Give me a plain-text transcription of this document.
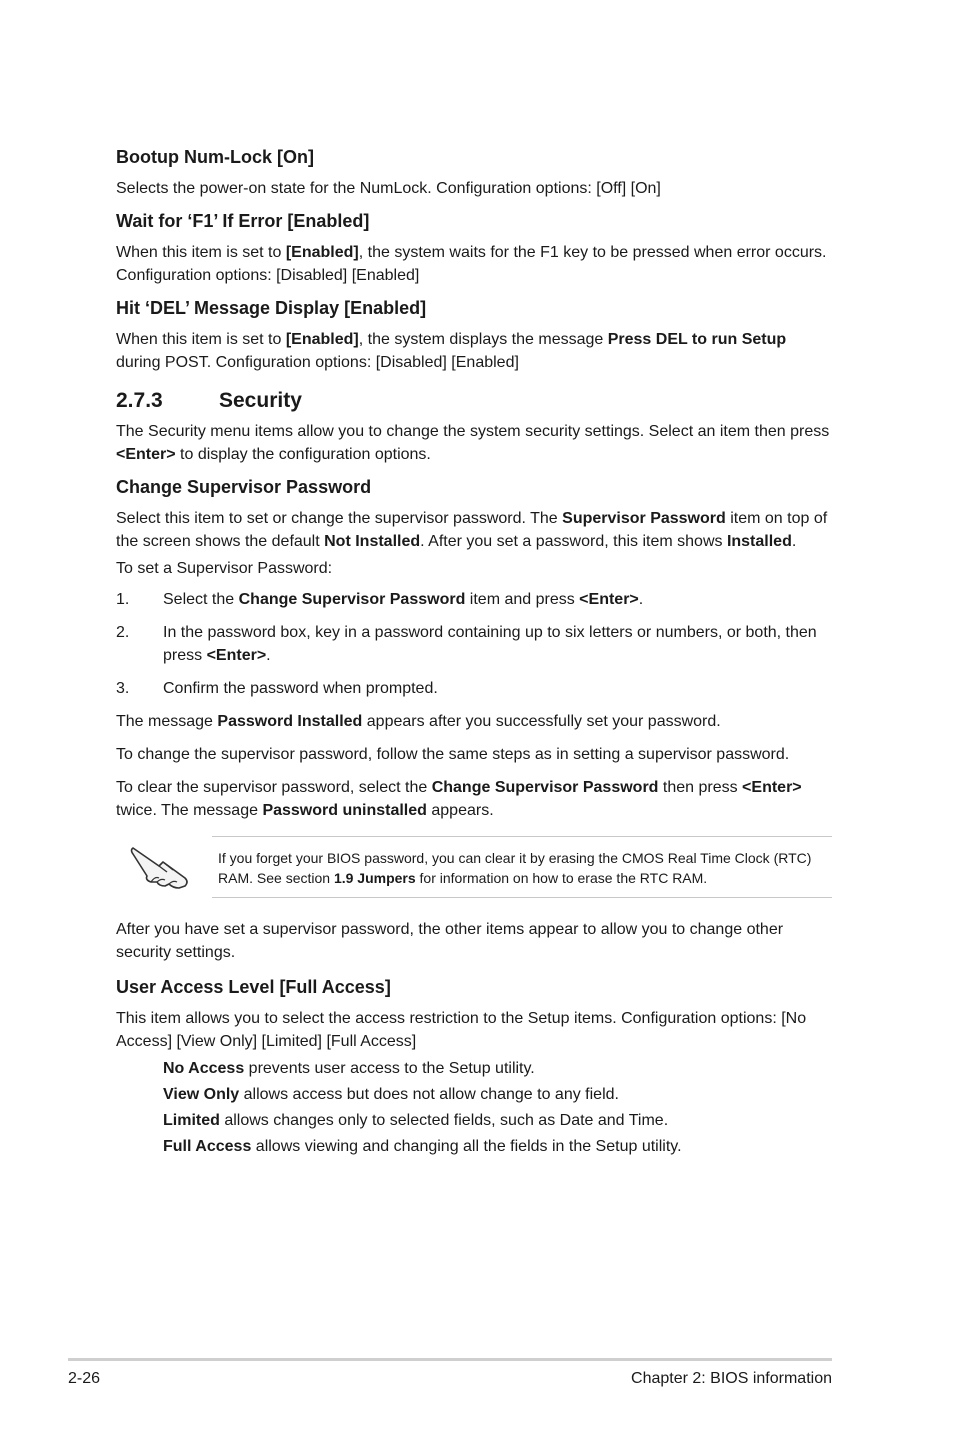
Bootup Num-Lock [On]
Selects the power-on state for the NumLock. Configuration options: [Off] [On]
Wait for ‘F1’ If Error [Enabled]
When this item is set to [Enabled], the system waits for the F1 key to be pressed when error occurs. Configuration options: [Disabled] [Enabled]
Hit ‘DEL’ Message Display [Enabled]
When this item is set to [Enabled], the system displays the message Press DEL to run Setup during POST. Configuration options: [Disabled] [Enabled]
2.7.3	Security
The Security menu items allow you to change the system security settings. Select an item then press <Enter> to display the configuration options.
Change Supervisor Password
Select this item to set or change the supervisor password. The Supervisor Password item on top of the screen shows the default Not Installed. After you set a password, this item shows Installed.
To set a Supervisor Password:
1.	Select the Change Supervisor Password item and press <Enter>.
2.	In the password box, key in a password containing up to six letters or numbers, or both, then press <Enter>.
3.	Confirm the password when prompted.
The message Password Installed appears after you successfully set your password.
To change the supervisor password, follow the same steps as in setting a supervisor password.
To clear the supervisor password, select the Change Supervisor Password then press <Enter> twice. The message Password uninstalled appears.
If you forget your BIOS password, you can clear it by erasing the CMOS Real Time Clock (RTC) RAM. See section 1.9 Jumpers for information on how to erase the RTC RAM.
After you have set a supervisor password, the other items appear to allow you to change other security settings.
User Access Level [Full Access]
This item allows you to select the access restriction to the Setup items. Configuration options: [No Access] [View Only] [Limited] [Full Access]
No Access prevents user access to the Setup utility.
View Only allows access but does not allow change to any field.
Limited allows changes only to selected fields, such as Date and Time.
Full Access allows viewing and changing all the fields in the Setup utility.
2-26	Chapter 2: BIOS information
